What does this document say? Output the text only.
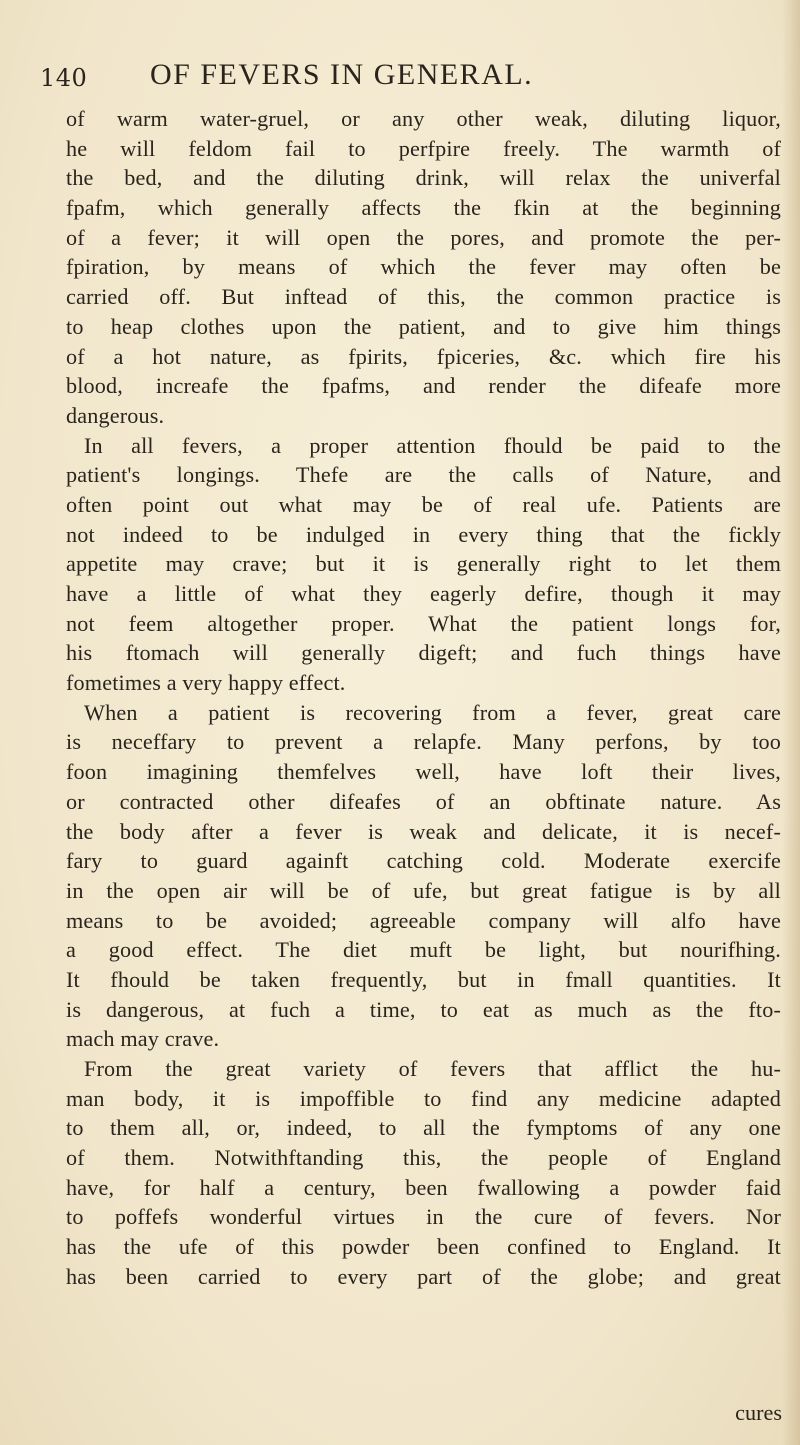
140 OF FEVERS IN GENERAL.
of warm water-gruel, or any other weak, diluting liquor,
he will feldom fail to perfpire freely. The warmth of
the bed, and the diluting drink, will relax the univerfal
fpafm, which generally affects the fkin at the beginning
of a fever; it will open the pores, and promote the per-
fpiration, by means of which the fever may often be
carried off. But inftead of this, the common practice is
to heap clothes upon the patient, and to give him things
of a hot nature, as fpirits, fpiceries, &c. which fire his
blood, increafe the fpafms, and render the difeafe more
dangerous.
In all fevers, a proper attention fhould be paid to the
patient's longings. Thefe are the calls of Nature, and
often point out what may be of real ufe. Patients are
not indeed to be indulged in every thing that the fickly
appetite may crave; but it is generally right to let them
have a little of what they eagerly defire, though it may
not feem altogether proper. What the patient longs for,
his ftomach will generally digeft; and fuch things have
fometimes a very happy effect.
When a patient is recovering from a fever, great care
is neceffary to prevent a relapfe. Many perfons, by too
foon imagining themfelves well, have loft their lives,
or contracted other difeafes of an obftinate nature. As
the body after a fever is weak and delicate, it is necef-
fary to guard againft catching cold. Moderate exercife
in the open air will be of ufe, but great fatigue is by all
means to be avoided; agreeable company will alfo have
a good effect. The diet muft be light, but nourifhing.
It fhould be taken frequently, but in fmall quantities. It
is dangerous, at fuch a time, to eat as much as the fto-
mach may crave.
From the great variety of fevers that afflict the hu-
man body, it is impoffible to find any medicine adapted
to them all, or, indeed, to all the fymptoms of any one
of them. Notwithftanding this, the people of England
have, for half a century, been fwallowing a powder faid
to poffefs wonderful virtues in the cure of fevers. Nor
has the ufe of this powder been confined to England. It
has been carried to every part of the globe; and great
cures
